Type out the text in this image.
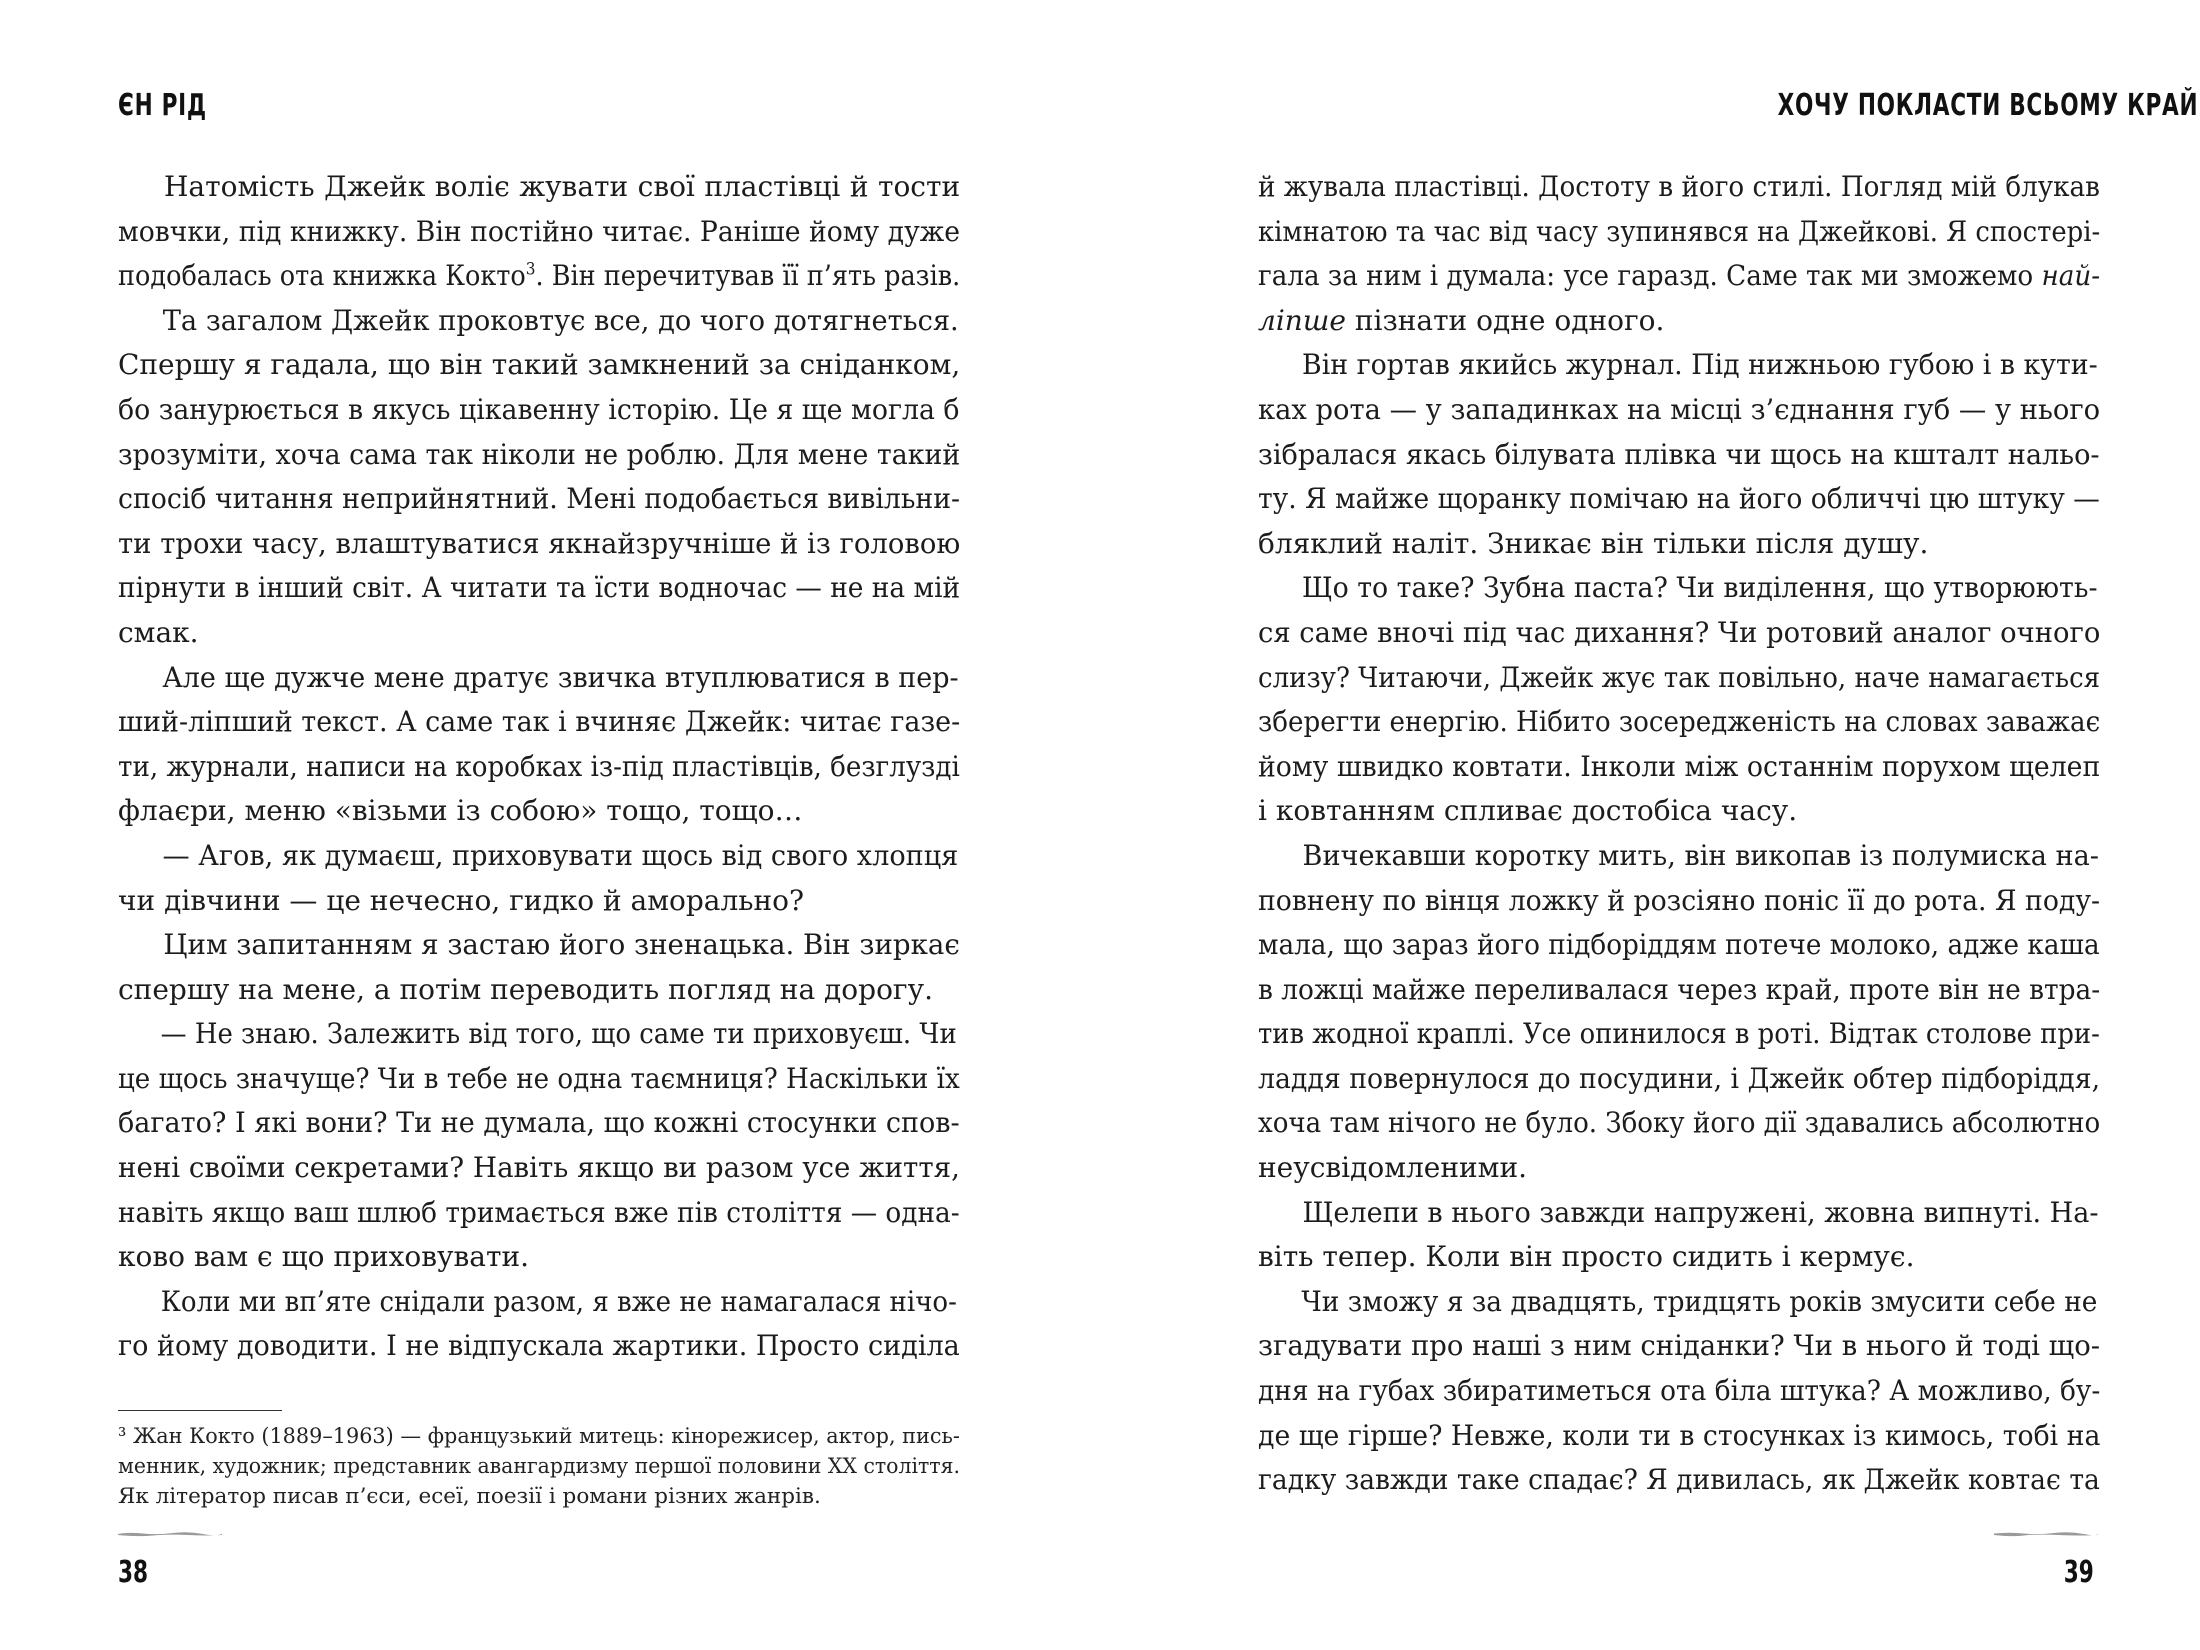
ЄН РІД
Натомість Джейк воліє жувати свої пластівці й тости
мовчки, під книжку. Він постійно читає. Раніше йому дуже
подобалась ота книжка Кокто$^3$. Він перечитував її п’ять разів.
Та загалом Джейк проковтує все, до чого дотягнеться.
Спершу я гадала, що він такий замкнений за сніданком,
бо занурюється в якусь цікавенну історію. Це я ще могла б
зрозуміти, хоча сама так ніколи не роблю. Для мене такий
спосіб читання неприйнятний. Мені подобається вивільни-
ти трохи часу, влаштуватися якнайзручніше й із головою
пірнути в інший світ. А читати та їсти водночас — не на мій
смак.
Але ще дужче мене дратує звичка втуплюватися в пер-
ший-ліпший текст. А саме так і вчиняє Джейк: читає газе-
ти, журнали, написи на коробках із-під пластівців, безглузді
флаєри, меню «візьми із собою» тощо, тощо…
— Агов, як думаєш, приховувати щось від свого хлопця
чи дівчини — це нечесно, гидко й аморально?
Цим запитанням я застаю його зненацька. Він зиркає
спершу на мене, а потім переводить погляд на дорогу.
— Не знаю. Залежить від того, що саме ти приховуєш. Чи
це щось значуще? Чи в тебе не одна таємниця? Наскільки їх
багато? І які вони? Ти не думала, що кожні стосунки спов-
нені своїми секретами? Навіть якщо ви разом усе життя,
навіть якщо ваш шлюб тримається вже пів століття — одна-
ково вам є що приховувати.
Коли ми вп’яте снідали разом, я вже не намагалася нічо-
го йому доводити. І не відпускала жартики. Просто сиділа
³ Жан Кокто (1889–1963) — французький митець: кінорежисер, актор, пись-
менник, художник; представник авангардизму першої половини XX століття.
Як літератор писав п’єси, есеї, поезії і романи різних жанрів.
38
ХОЧУ ПОКЛАСТИ ВСЬОМУ КРАЙ
й жувала пластівці. Достоту в його стилі. Погляд мій блукав
кімнатою та час від часу зупинявся на Джейкові. Я спостері-
гала за ним і думала: усе гаразд. Саме так ми зможемо най-
ліпше пізнати одне одного.
Він гортав якийсь журнал. Під нижньою губою і в кути-
ках рота — у западинках на місці з’єднання губ — у нього
зібралася якась білувата плівка чи щось на кшталт нальо-
ту. Я майже щоранку помічаю на його обличчі цю штуку —
бляклий наліт. Зникає він тільки після душу.
Що то таке? Зубна паста? Чи виділення, що утворюють-
ся саме вночі під час дихання? Чи ротовий аналог очного
слизу? Читаючи, Джейк жує так повільно, наче намагається
зберегти енергію. Нібито зосередженість на словах заважає
йому швидко ковтати. Інколи між останнім порухом щелеп
і ковтанням спливає достобіса часу.
Вичекавши коротку мить, він викопав із полумиска на-
повнену по вінця ложку й розсіяно поніс її до рота. Я поду-
мала, що зараз його підборіддям потече молоко, адже каша
в ложці майже переливалася через край, проте він не втра-
тив жодної краплі. Усе опинилося в роті. Відтак столове при-
ладдя повернулося до посудини, і Джейк обтер підборіддя,
хоча там нічого не було. Збоку його дії здавались абсолютно
неусвідомленими.
Щелепи в нього завжди напружені, жовна випнуті. На-
віть тепер. Коли він просто сидить і кермує.
Чи зможу я за двадцять, тридцять років змусити себе не
згадувати про наші з ним сніданки? Чи в нього й тоді що-
дня на губах збиратиметься ота біла штука? А можливо, бу-
де ще гірше? Невже, коли ти в стосунках із кимось, тобі на
гадку завжди таке спадає? Я дивилась, як Джейк ковтає та
39
